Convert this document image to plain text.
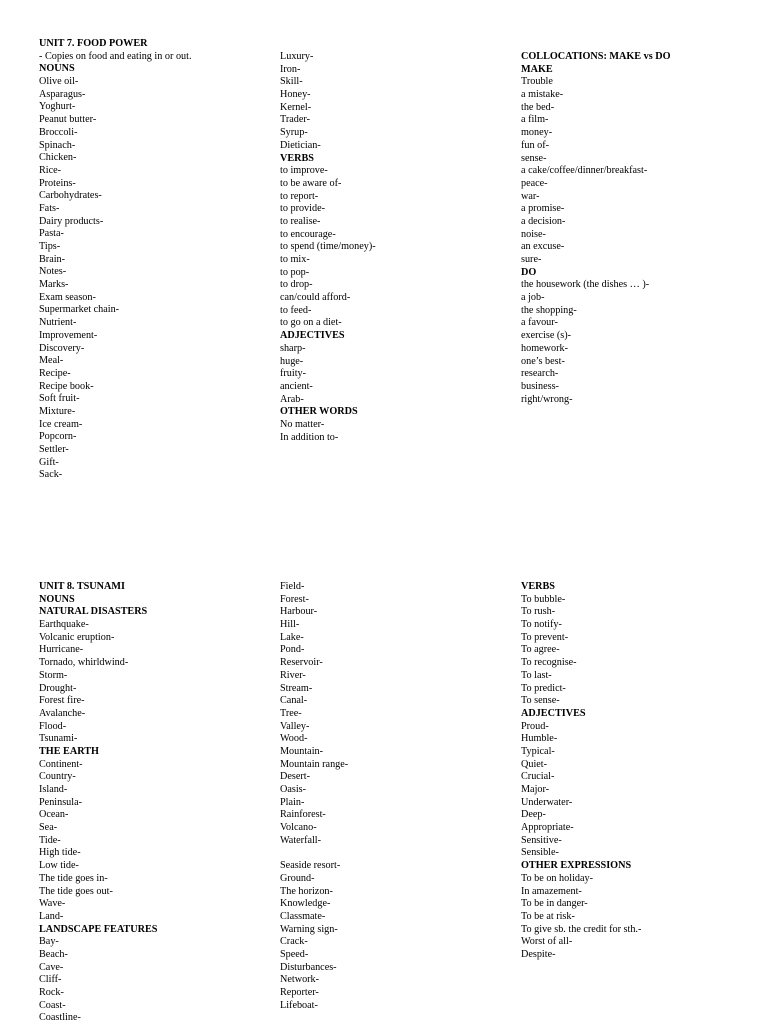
UNIT 7. FOOD POWER
- Copies on food and eating in or out.
NOUNS
Olive oil-
Asparagus-
Yoghurt-
Peanut butter-
Broccoli-
Spinach-
Chicken-
Rice-
Proteins-
Carbohydrates-
Fats-
Dairy products-
Pasta-
Tips-
Brain-
Notes-
Marks-
Exam season-
Supermarket chain-
Nutrient-
Improvement-
Discovery-
Meal-
Recipe-
Recipe book-
Soft fruit-
Mixture-
Ice cream-
Popcorn-
Settler-
Gift-
Sack-
Luxury-
Iron-
Skill-
Honey-
Kernel-
Trader-
Syrup-
Dietician-
VERBS
to improve-
to be aware of-
to report-
to provide-
to realise-
to encourage-
to spend (time/money)-
to mix-
to pop-
to drop-
can/could afford-
to feed-
to go on a diet-
ADJECTIVES
sharp-
huge-
fruity-
ancient-
Arab-
OTHER WORDS
No matter-
In addition to-
COLLOCATIONS: MAKE vs DO
MAKE
Trouble
a mistake-
the bed-
a film-
money-
fun of-
sense-
a cake/coffee/dinner/breakfast-
peace-
war-
a promise-
a decision-
noise-
an excuse-
sure-
DO
the housework (the dishes … )-
a job-
the shopping-
a favour-
exercise (s)-
homework-
one’s best-
research-
business-
right/wrong-
UNIT 8. TSUNAMI
NOUNS
NATURAL DISASTERS
Earthquake-
Volcanic eruption-
Hurricane-
Tornado, whirldwind-
Storm-
Drought-
Forest fire-
Avalanche-
Flood-
Tsunami-
THE EARTH
Continent-
Country-
Island-
Peninsula-
Ocean-
Sea-
Tide-
High tide-
Low tide-
The tide goes in-
The tide goes out-
Wave-
Land-
LANDSCAPE FEATURES
Bay-
Beach-
Cave-
Cliff-
Rock-
Coast-
Coastline-
Field-
Forest-
Harbour-
Hill-
Lake-
Pond-
Reservoir-
River-
Stream-
Canal-
Tree-
Valley-
Wood-
Mountain-
Mountain range-
Desert-
Oasis-
Plain-
Rainforest-
Volcano-
Waterfall-
Seaside resort-
Ground-
The horizon-
Knowledge-
Classmate-
Warning sign-
Crack-
Speed-
Disturbances-
Network-
Reporter-
Lifeboat-
VERBS
To bubble-
To rush-
To notify-
To prevent-
To agree-
To recognise-
To last-
To predict-
To sense-
ADJECTIVES
Proud-
Humble-
Typical-
Quiet-
Crucial-
Major-
Underwater-
Deep-
Appropriate-
Sensitive-
Sensible-
OTHER EXPRESSIONS
To be on holiday-
In amazement-
To be in danger-
To be at risk-
To give sb. the credit for sth.-
Worst of all-
Despite-
